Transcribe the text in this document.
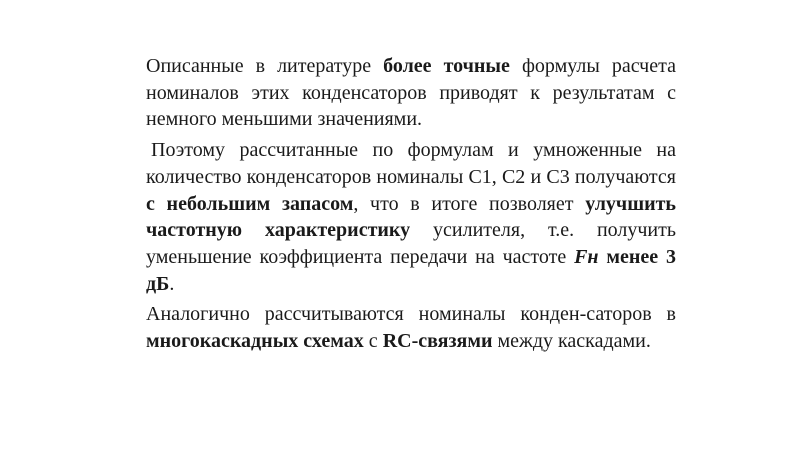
Описанные в литературе более точные формулы расчета номиналов этих конденсаторов приводят к результатам с немного меньшими значениями.

Поэтому рассчитанные по формулам и умноженные на количество конденсаторов номиналы С1, С2 и С3 получаются с небольшим запасом, что в итоге позволяет улучшить частотную характеристику усилителя, т.е. получить уменьшение коэффициента передачи на частоте Fн менее 3 дБ.

Аналогично рассчитываются номиналы конден-саторов в многокаскадных схемах с RC-связями между каскадами.
